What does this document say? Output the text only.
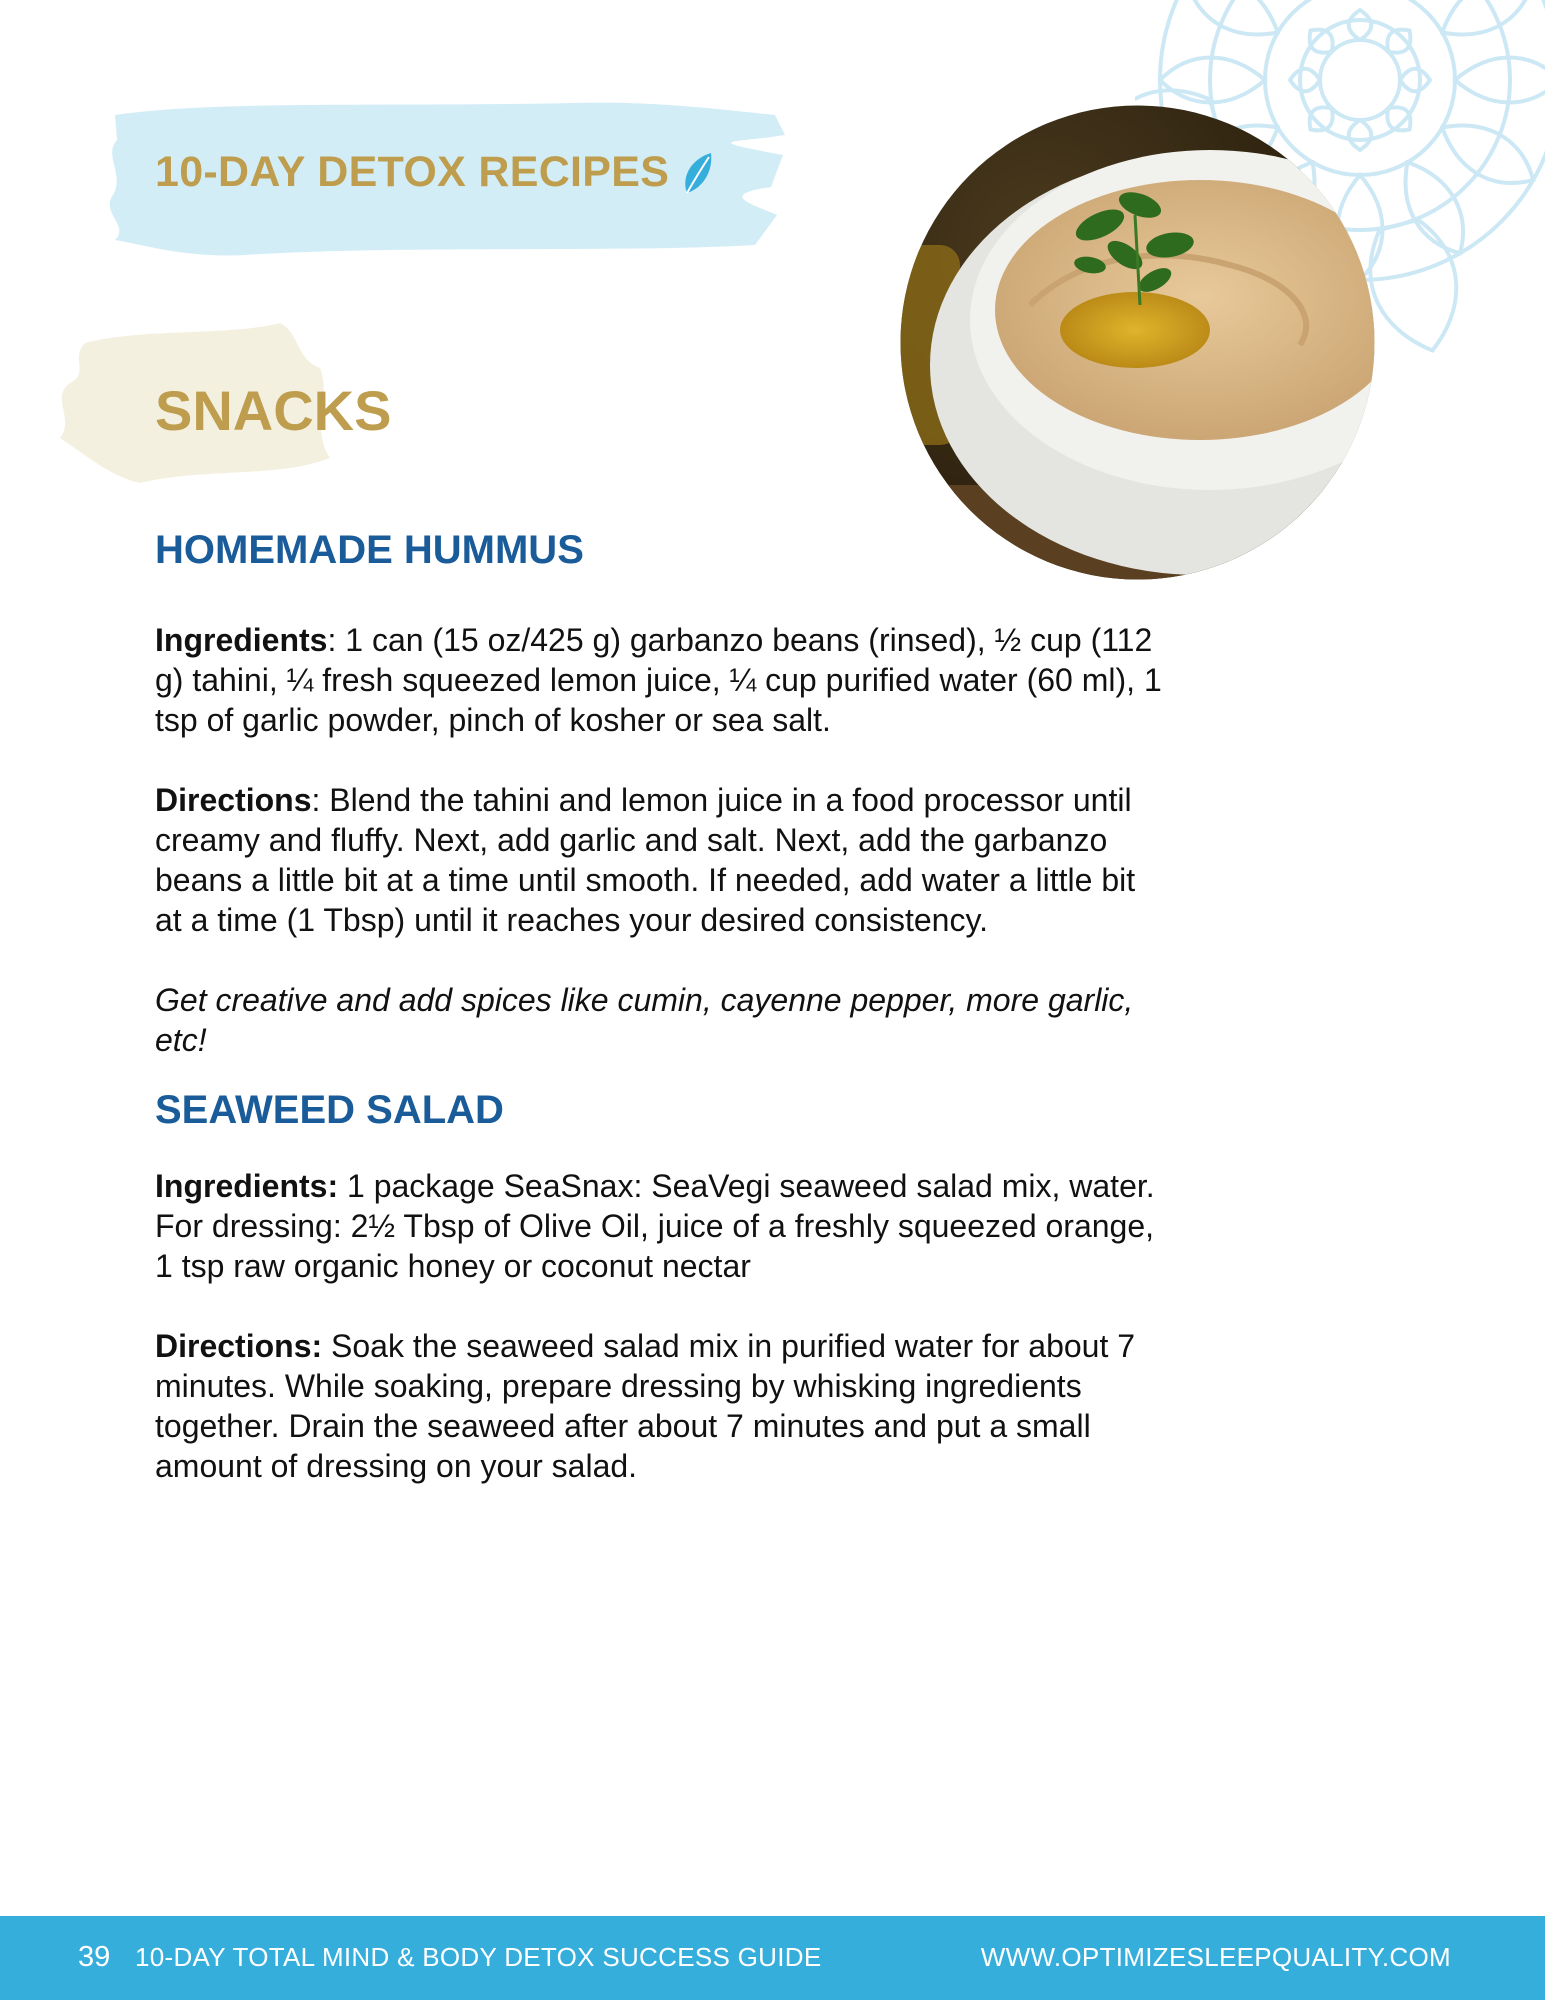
10-DAY DETOX RECIPES
SNACKS
HOMEMADE HUMMUS

Ingredients: 1 can (15 oz/425 g) garbanzo beans (rinsed), ½ cup (112 g) tahini, ¼ fresh squeezed lemon juice, ¼ cup purified water (60 ml), 1 tsp of garlic powder, pinch of kosher or sea salt.

Directions: Blend the tahini and lemon juice in a food processor until creamy and fluffy. Next, add garlic and salt. Next, add the garbanzo beans a little bit at a time until smooth. If needed, add water a little bit at a time (1 Tbsp) until it reaches your desired consistency.

Get creative and add spices like cumin, cayenne pepper, more garlic, etc!

SEAWEED SALAD

Ingredients: 1 package SeaSnax: SeaVegi seaweed salad mix, water. For dressing: 2½ Tbsp of Olive Oil, juice of a freshly squeezed orange, 1 tsp raw organic honey or coconut nectar

Directions: Soak the seaweed salad mix in purified water for about 7 minutes. While soaking, prepare dressing by whisking ingredients together. Drain the seaweed after about 7 minutes and put a small amount of dressing on your salad.

39 10-DAY TOTAL MIND & BODY DETOX SUCCESS GUIDE	WWW.OPTIMIZESLEEPQUALITY.COM
